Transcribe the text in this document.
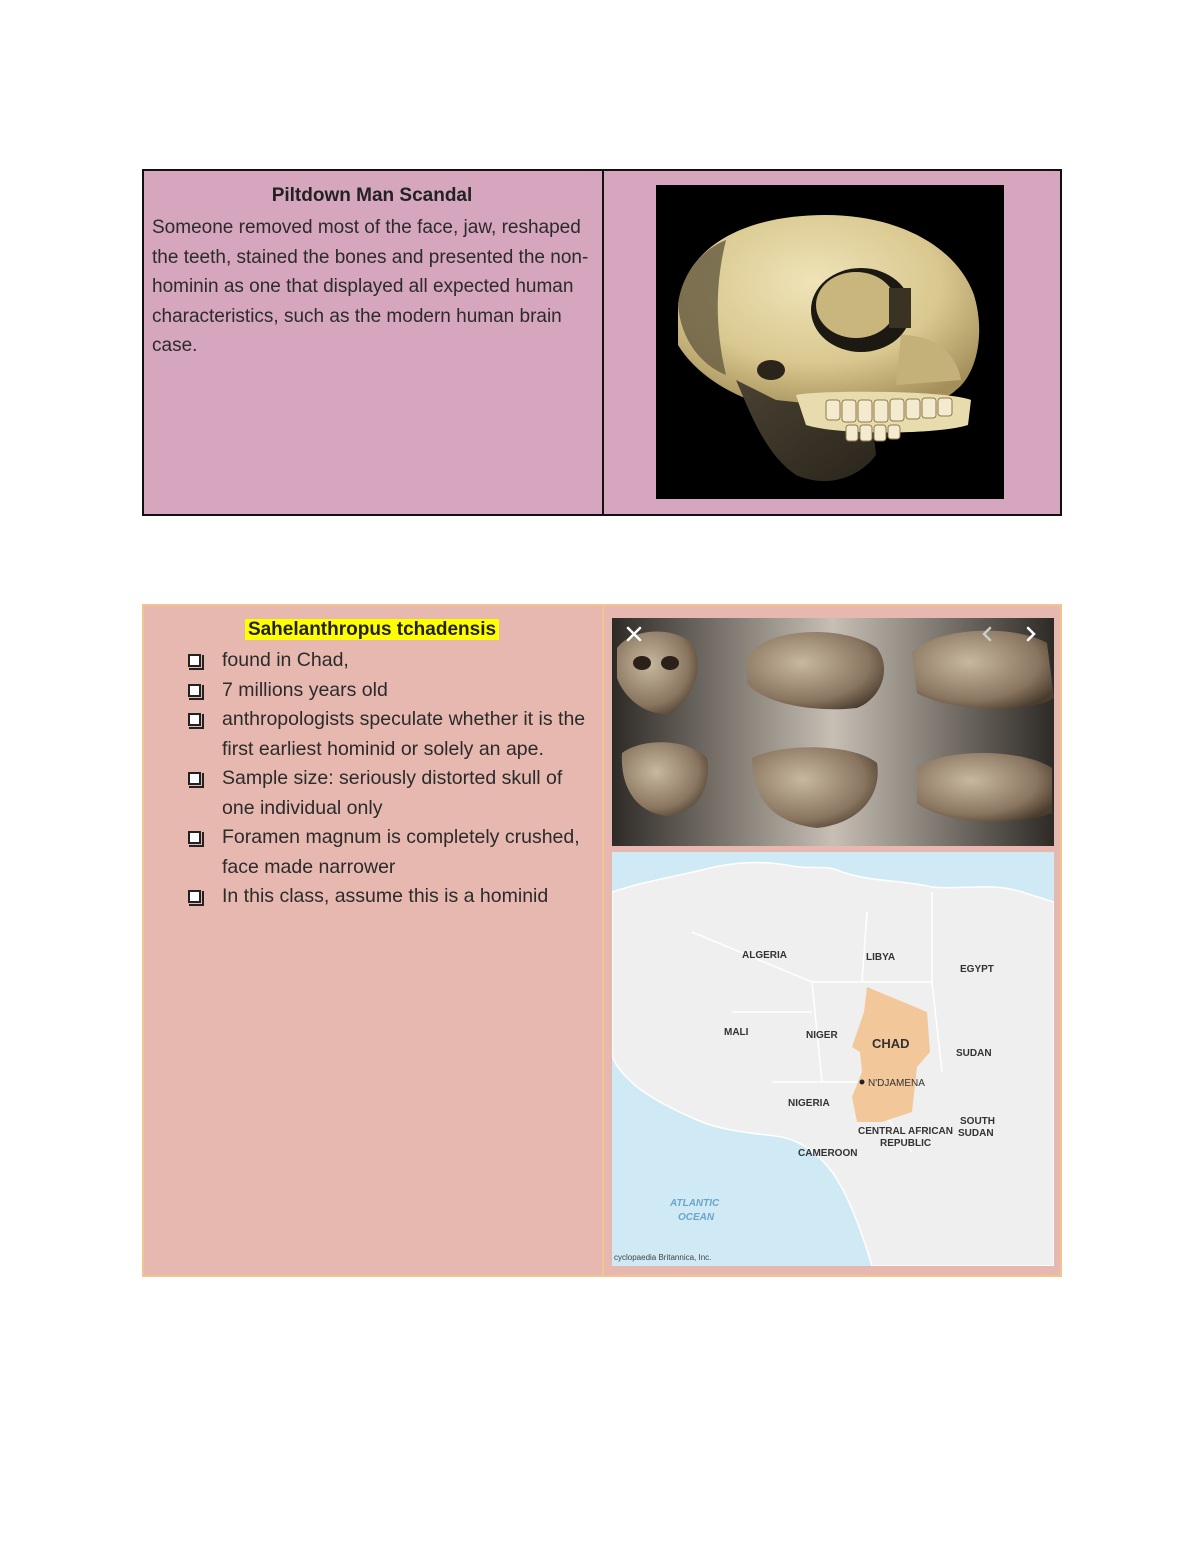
Piltdown Man Scandal

Someone removed most of the face, jaw, reshaped the teeth, stained the bones and presented the non-hominin as one that displayed all expected human characteristics, such as the modern human brain case.

Sahelanthropus tchadensis
found in Chad,
7 millions years old
anthropologists speculate whether it is the first earliest hominid or solely an ape.
Sample size: seriously distorted skull of one individual only
Foramen magnum is completely crushed, face made narrower
In this class, assume this is a hominid
ALGERIA	LIBYA
EGYPT
MALI	NIGER
CHAD
SUDAN
N'DJAMENA
NIGERIA
CENTRAL AFRICAN
REPUBLIC
SOUTH
SUDAN
CAMEROON
ATLANTIC
OCEAN
cyclopaedia Britannica, Inc.
